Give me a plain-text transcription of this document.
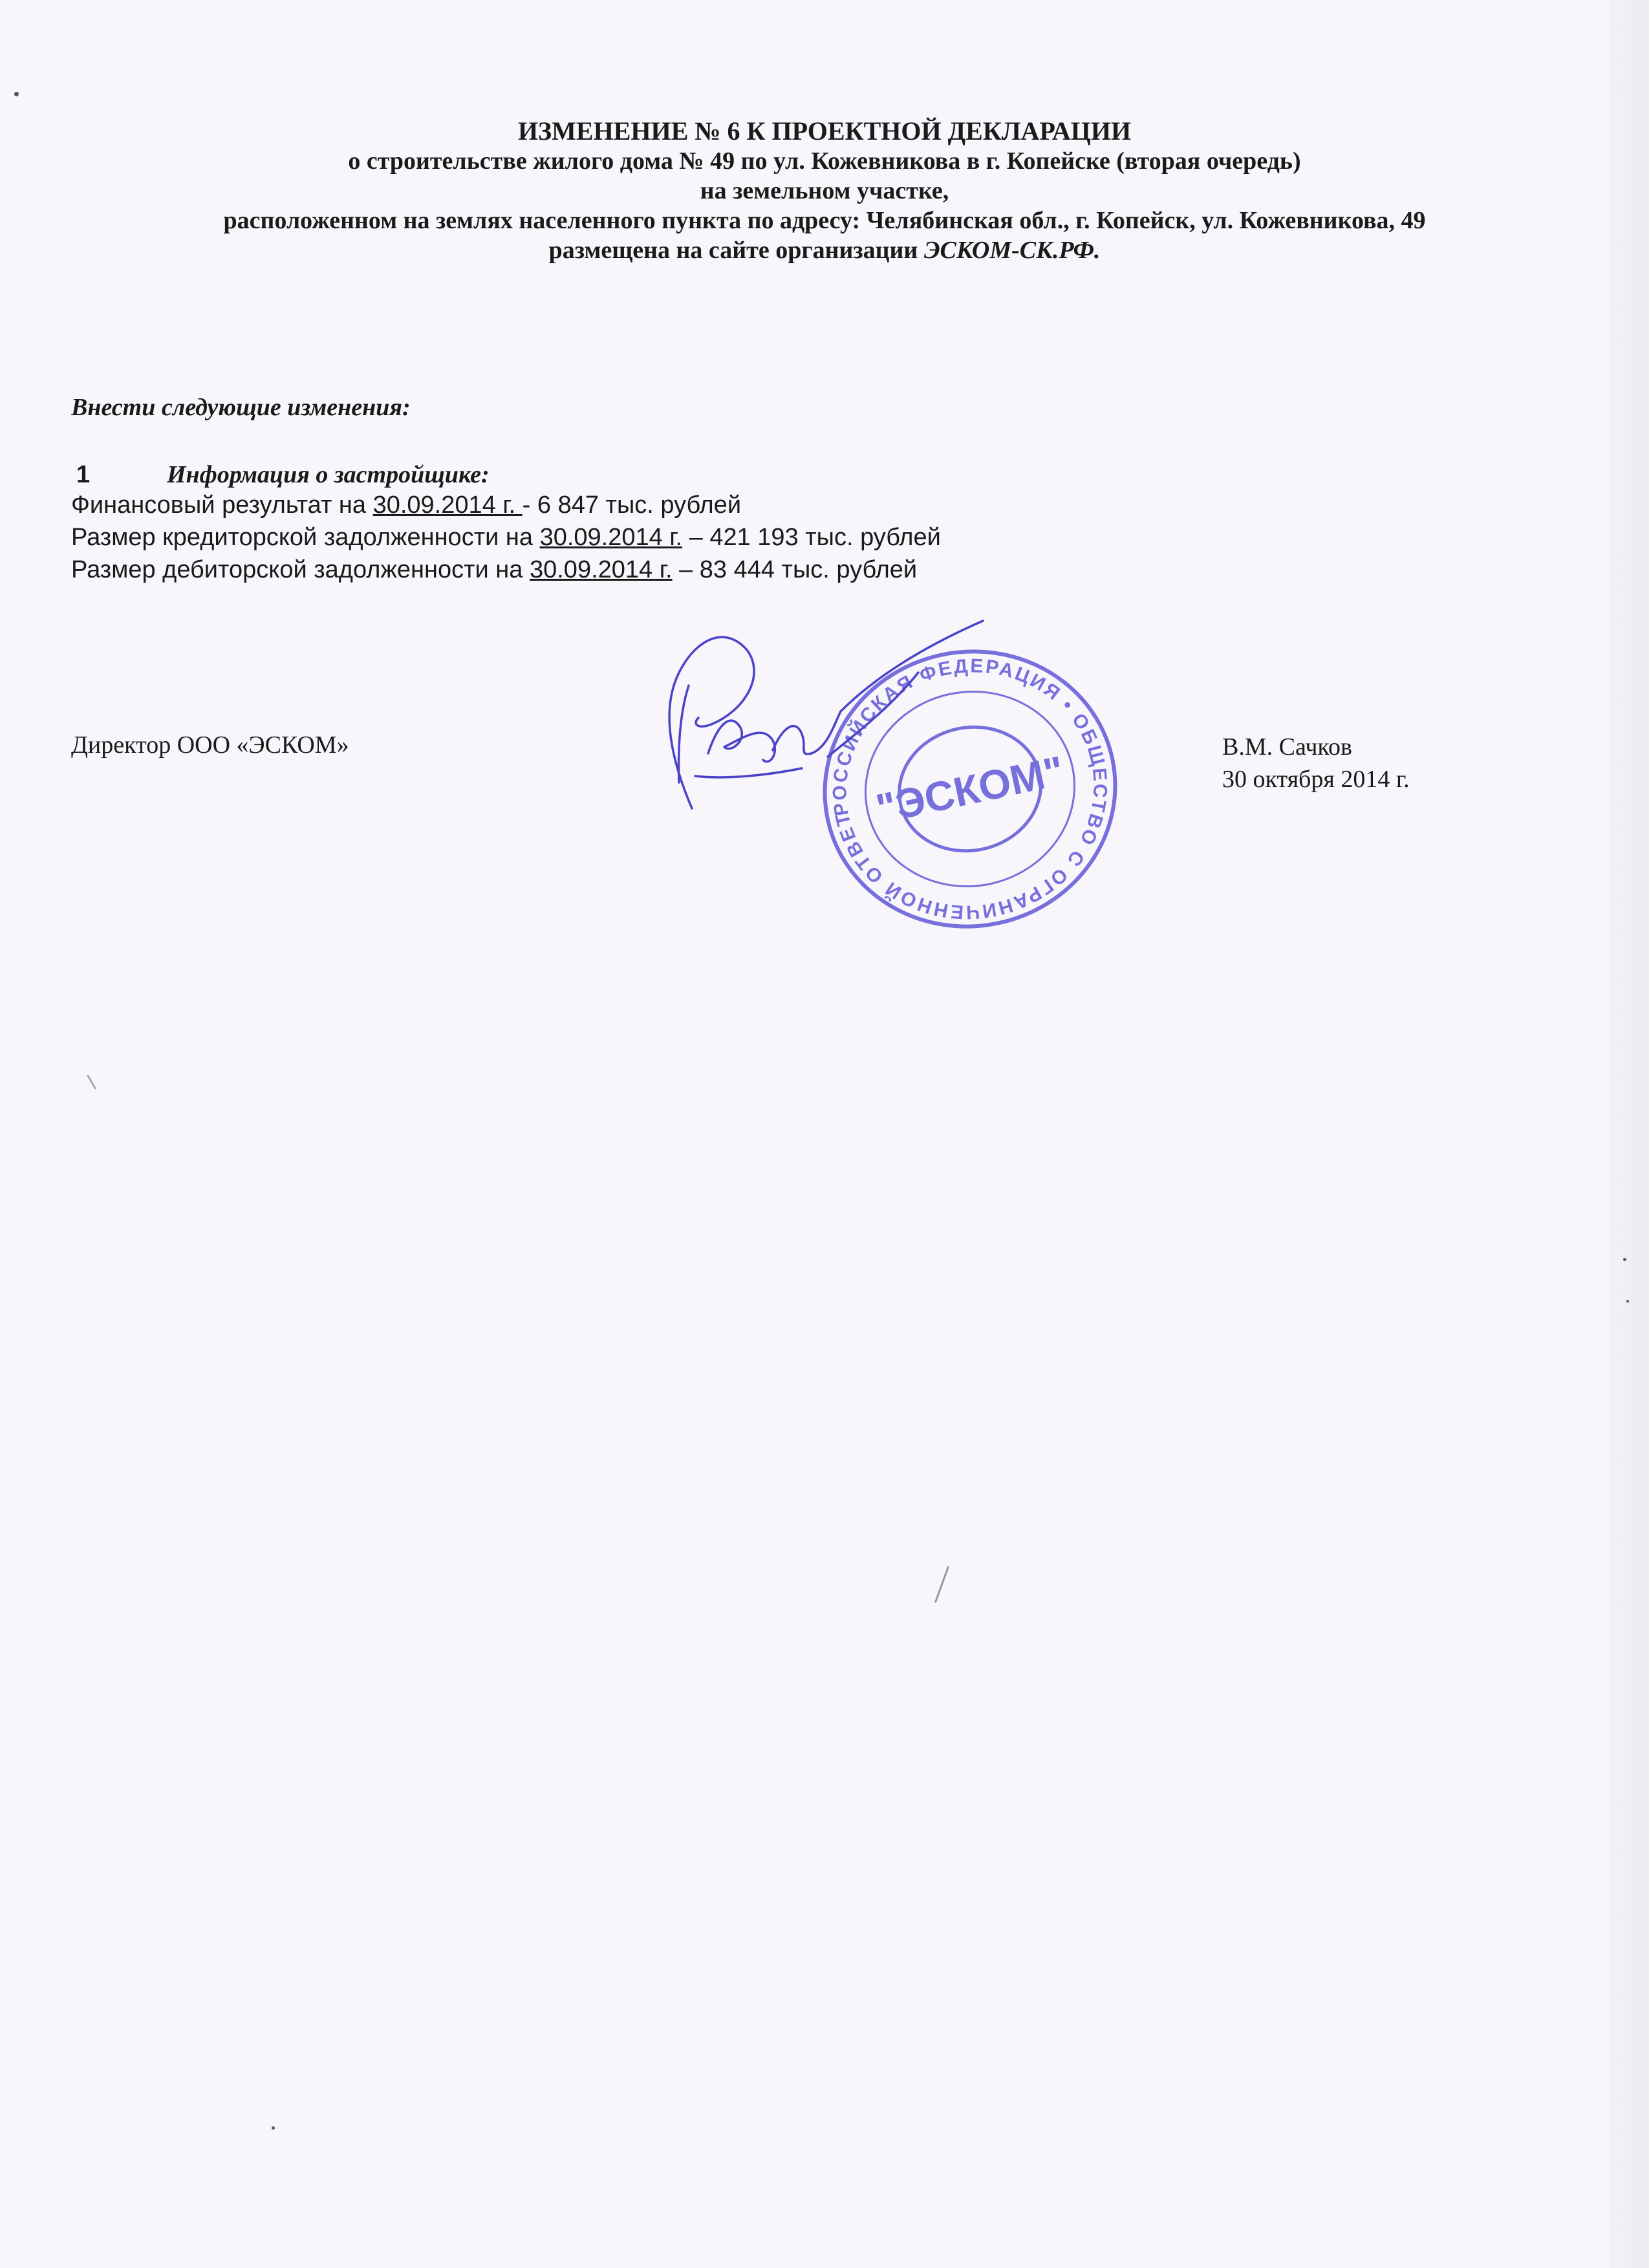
ИЗМЕНЕНИЕ № 6 К ПРОЕКТНОЙ ДЕКЛАРАЦИИ
о строительстве жилого дома № 49 по ул. Кожевникова в г. Копейске (вторая очередь)
на земельном участке,
расположенном на землях населенного пункта по адресу: Челябинская обл., г. Копейск, ул. Кожевникова, 49
размещена на сайте организации ЭСКОМ-СК.РФ.
Внести следующие изменения:
1	Информация о застройщике:
Финансовый результат на 30.09.2014 г. - 6 847 тыс. рублей
Размер кредиторской задолженности на 30.09.2014 г. – 421 193 тыс. рублей
Размер дебиторской задолженности на 30.09.2014 г. – 83 444 тыс. рублей
Директор ООО «ЭСКОМ»	В.М. Сачков
30 октября 2014 г.
РОССИЙСКАЯ ФЕДЕРАЦИЯ • ОБЩЕСТВО С ОГРАНИЧЕННОЙ ОТВЕТСТВЕННОСТЬЮ
"ЭСКОМ"
